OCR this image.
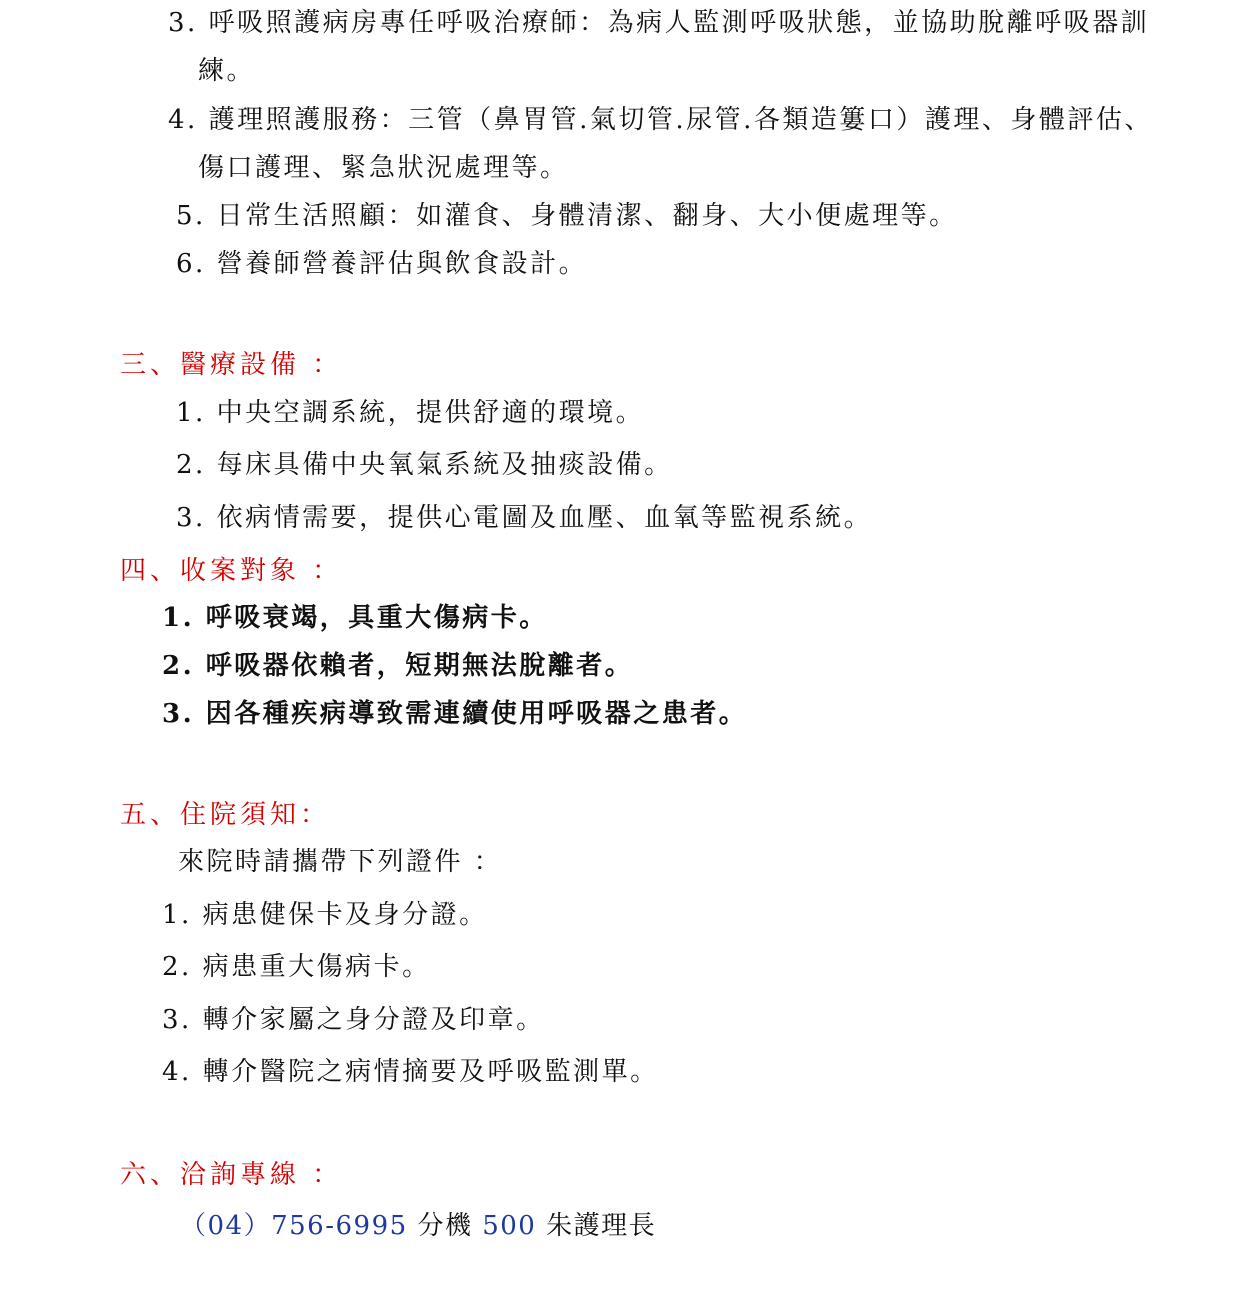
3. 呼吸照護病房專任呼吸治療師：為病人監測呼吸狀態，並協助脫離呼吸器訓
練。
4. 護理照護服務：三管（鼻胃管.氣切管.尿管.各類造簍口）護理、身體評估、
傷口護理、緊急狀況處理等。
5. 日常生活照顧：如灌食、身體清潔、翻身、大小便處理等。
6. 營養師營養評估與飲食設計。
三、醫療設備 ：
1. 中央空調系統，提供舒適的環境。
2. 每床具備中央氧氣系統及抽痰設備。
3. 依病情需要，提供心電圖及血壓、血氧等監視系統。
四、收案對象 ：
1. 呼吸衰竭，具重大傷病卡。
2. 呼吸器依賴者，短期無法脫離者。
3. 因各種疾病導致需連續使用呼吸器之患者。
五、住院須知：
來院時請攜帶下列證件 ：
1. 病患健保卡及身分證。
2. 病患重大傷病卡。
3. 轉介家屬之身分證及印章。
4. 轉介醫院之病情摘要及呼吸監測單。
六、洽詢專線 ：
（04）756-6995 分機 500 朱護理長
